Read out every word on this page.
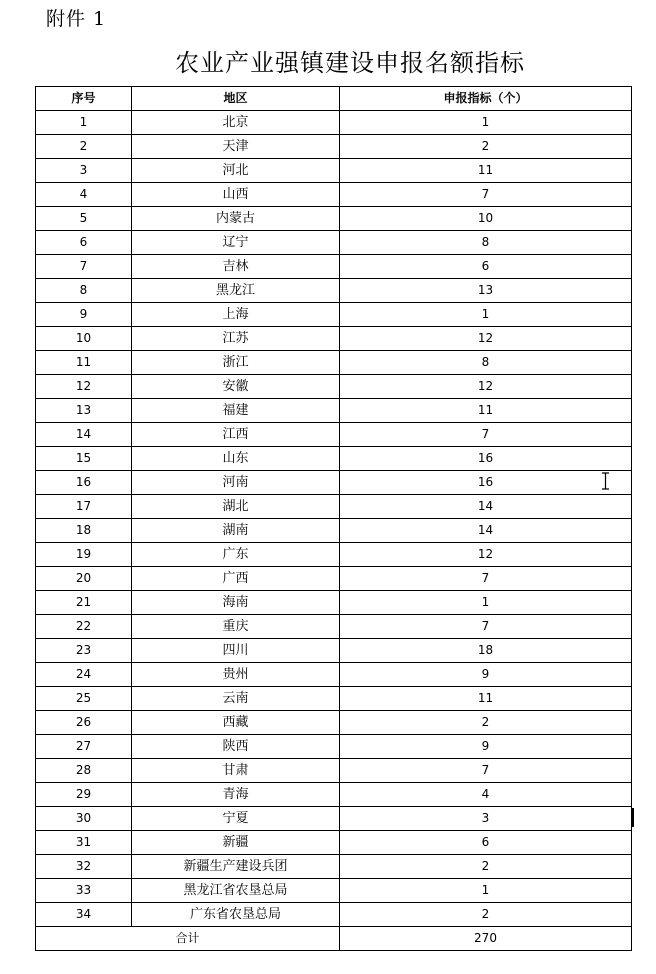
附件 1
农业产业强镇建设申报名额指标
序号	地区	申报指标（个）
1	北京	1
2	天津	2
3	河北	11
4	山西	7
5	内蒙古	10
6	辽宁	8
7	吉林	6
8	黑龙江	13
9	上海	1
10	江苏	12
11	浙江	8
12	安徽	12
13	福建	11
14	江西	7
15	山东	16
16	河南	16
17	湖北	14
18	湖南	14
19	广东	12
20	广西	7
21	海南	1
22	重庆	7
23	四川	18
24	贵州	9
25	云南	11
26	西藏	2
27	陕西	9
28	甘肃	7
29	青海	4
30	宁夏	3
31	新疆	6
32	新疆生产建设兵团	2
33	黑龙江省农垦总局	1
34	广东省农垦总局	2
合计		270
